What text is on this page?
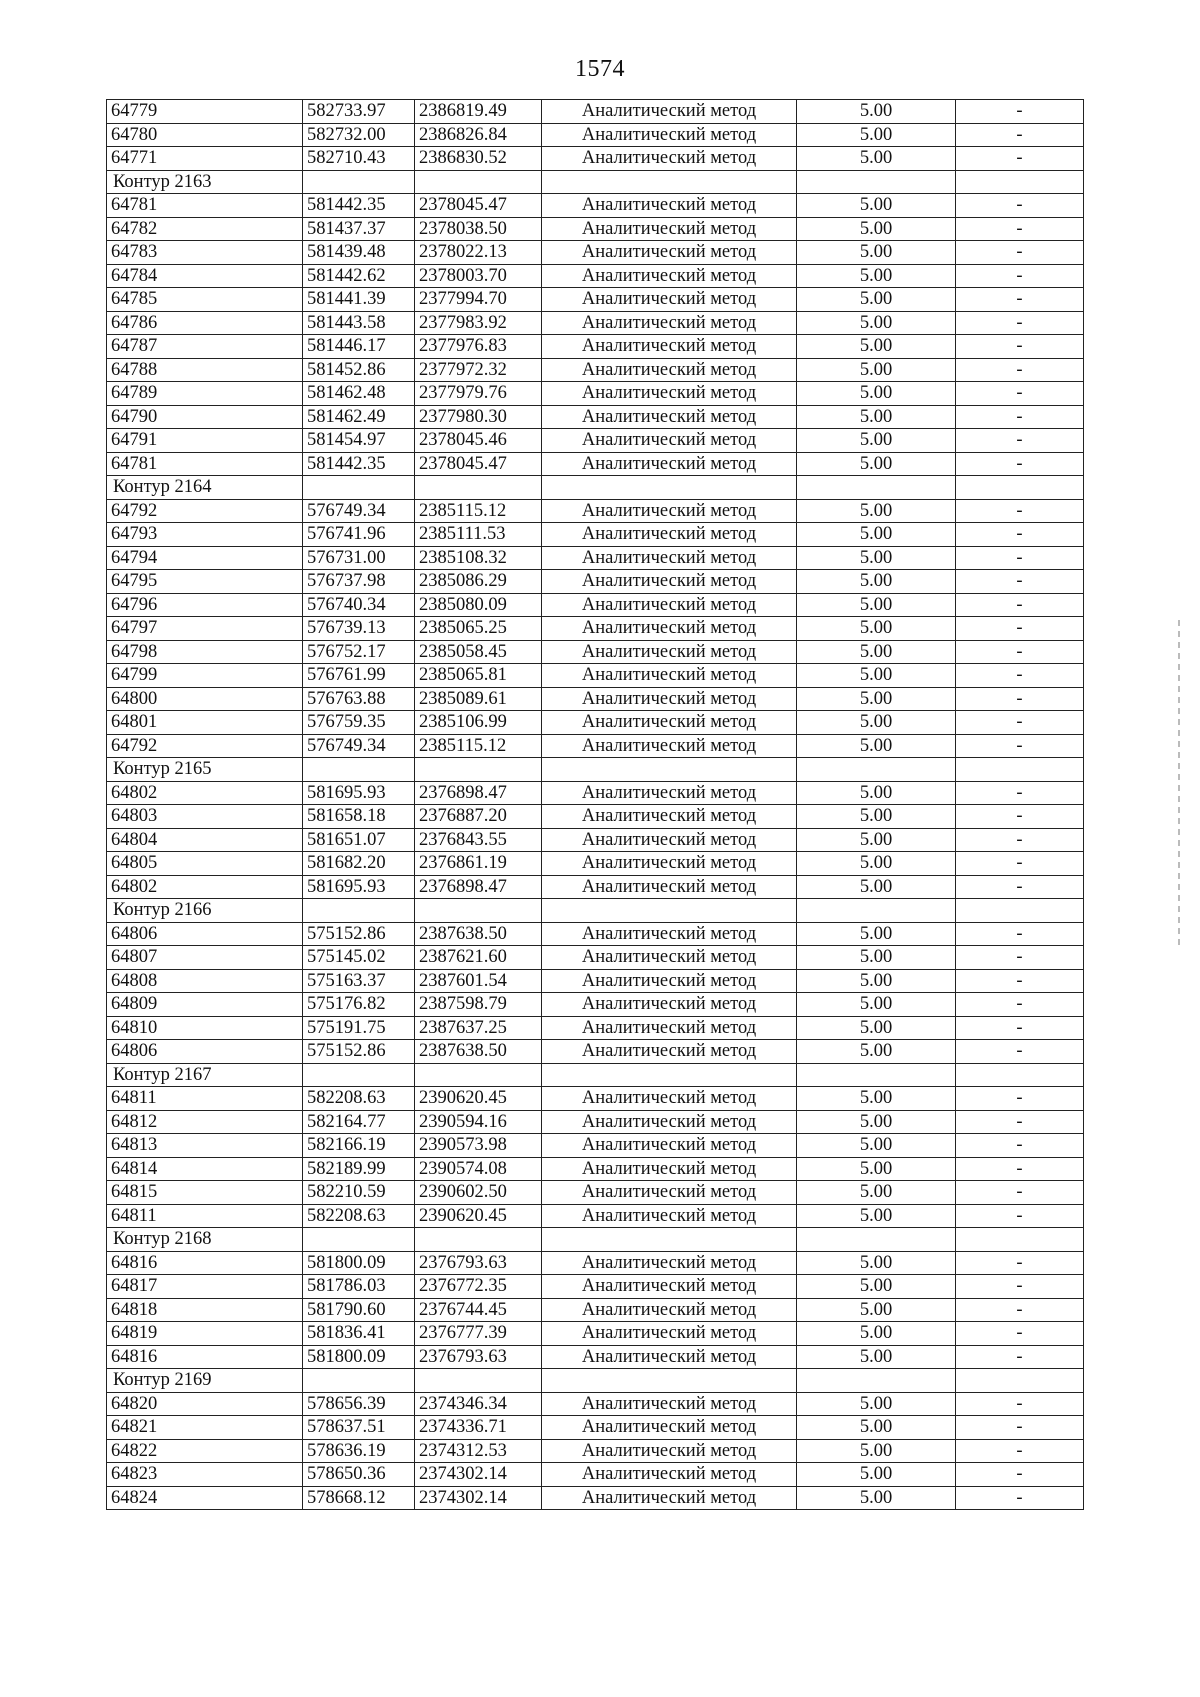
1574
64779	582733.97	2386819.49	Аналитический метод	5.00	-
64780	582732.00	2386826.84	Аналитический метод	5.00	-
64771	582710.43	2386830.52	Аналитический метод	5.00	-
Контур 2163					
64781	581442.35	2378045.47	Аналитический метод	5.00	-
64782	581437.37	2378038.50	Аналитический метод	5.00	-
64783	581439.48	2378022.13	Аналитический метод	5.00	-
64784	581442.62	2378003.70	Аналитический метод	5.00	-
64785	581441.39	2377994.70	Аналитический метод	5.00	-
64786	581443.58	2377983.92	Аналитический метод	5.00	-
64787	581446.17	2377976.83	Аналитический метод	5.00	-
64788	581452.86	2377972.32	Аналитический метод	5.00	-
64789	581462.48	2377979.76	Аналитический метод	5.00	-
64790	581462.49	2377980.30	Аналитический метод	5.00	-
64791	581454.97	2378045.46	Аналитический метод	5.00	-
64781	581442.35	2378045.47	Аналитический метод	5.00	-
Контур 2164					
64792	576749.34	2385115.12	Аналитический метод	5.00	-
64793	576741.96	2385111.53	Аналитический метод	5.00	-
64794	576731.00	2385108.32	Аналитический метод	5.00	-
64795	576737.98	2385086.29	Аналитический метод	5.00	-
64796	576740.34	2385080.09	Аналитический метод	5.00	-
64797	576739.13	2385065.25	Аналитический метод	5.00	-
64798	576752.17	2385058.45	Аналитический метод	5.00	-
64799	576761.99	2385065.81	Аналитический метод	5.00	-
64800	576763.88	2385089.61	Аналитический метод	5.00	-
64801	576759.35	2385106.99	Аналитический метод	5.00	-
64792	576749.34	2385115.12	Аналитический метод	5.00	-
Контур 2165					
64802	581695.93	2376898.47	Аналитический метод	5.00	-
64803	581658.18	2376887.20	Аналитический метод	5.00	-
64804	581651.07	2376843.55	Аналитический метод	5.00	-
64805	581682.20	2376861.19	Аналитический метод	5.00	-
64802	581695.93	2376898.47	Аналитический метод	5.00	-
Контур 2166					
64806	575152.86	2387638.50	Аналитический метод	5.00	-
64807	575145.02	2387621.60	Аналитический метод	5.00	-
64808	575163.37	2387601.54	Аналитический метод	5.00	-
64809	575176.82	2387598.79	Аналитический метод	5.00	-
64810	575191.75	2387637.25	Аналитический метод	5.00	-
64806	575152.86	2387638.50	Аналитический метод	5.00	-
Контур 2167					
64811	582208.63	2390620.45	Аналитический метод	5.00	-
64812	582164.77	2390594.16	Аналитический метод	5.00	-
64813	582166.19	2390573.98	Аналитический метод	5.00	-
64814	582189.99	2390574.08	Аналитический метод	5.00	-
64815	582210.59	2390602.50	Аналитический метод	5.00	-
64811	582208.63	2390620.45	Аналитический метод	5.00	-
Контур 2168					
64816	581800.09	2376793.63	Аналитический метод	5.00	-
64817	581786.03	2376772.35	Аналитический метод	5.00	-
64818	581790.60	2376744.45	Аналитический метод	5.00	-
64819	581836.41	2376777.39	Аналитический метод	5.00	-
64816	581800.09	2376793.63	Аналитический метод	5.00	-
Контур 2169					
64820	578656.39	2374346.34	Аналитический метод	5.00	-
64821	578637.51	2374336.71	Аналитический метод	5.00	-
64822	578636.19	2374312.53	Аналитический метод	5.00	-
64823	578650.36	2374302.14	Аналитический метод	5.00	-
64824	578668.12	2374302.14	Аналитический метод	5.00	-
